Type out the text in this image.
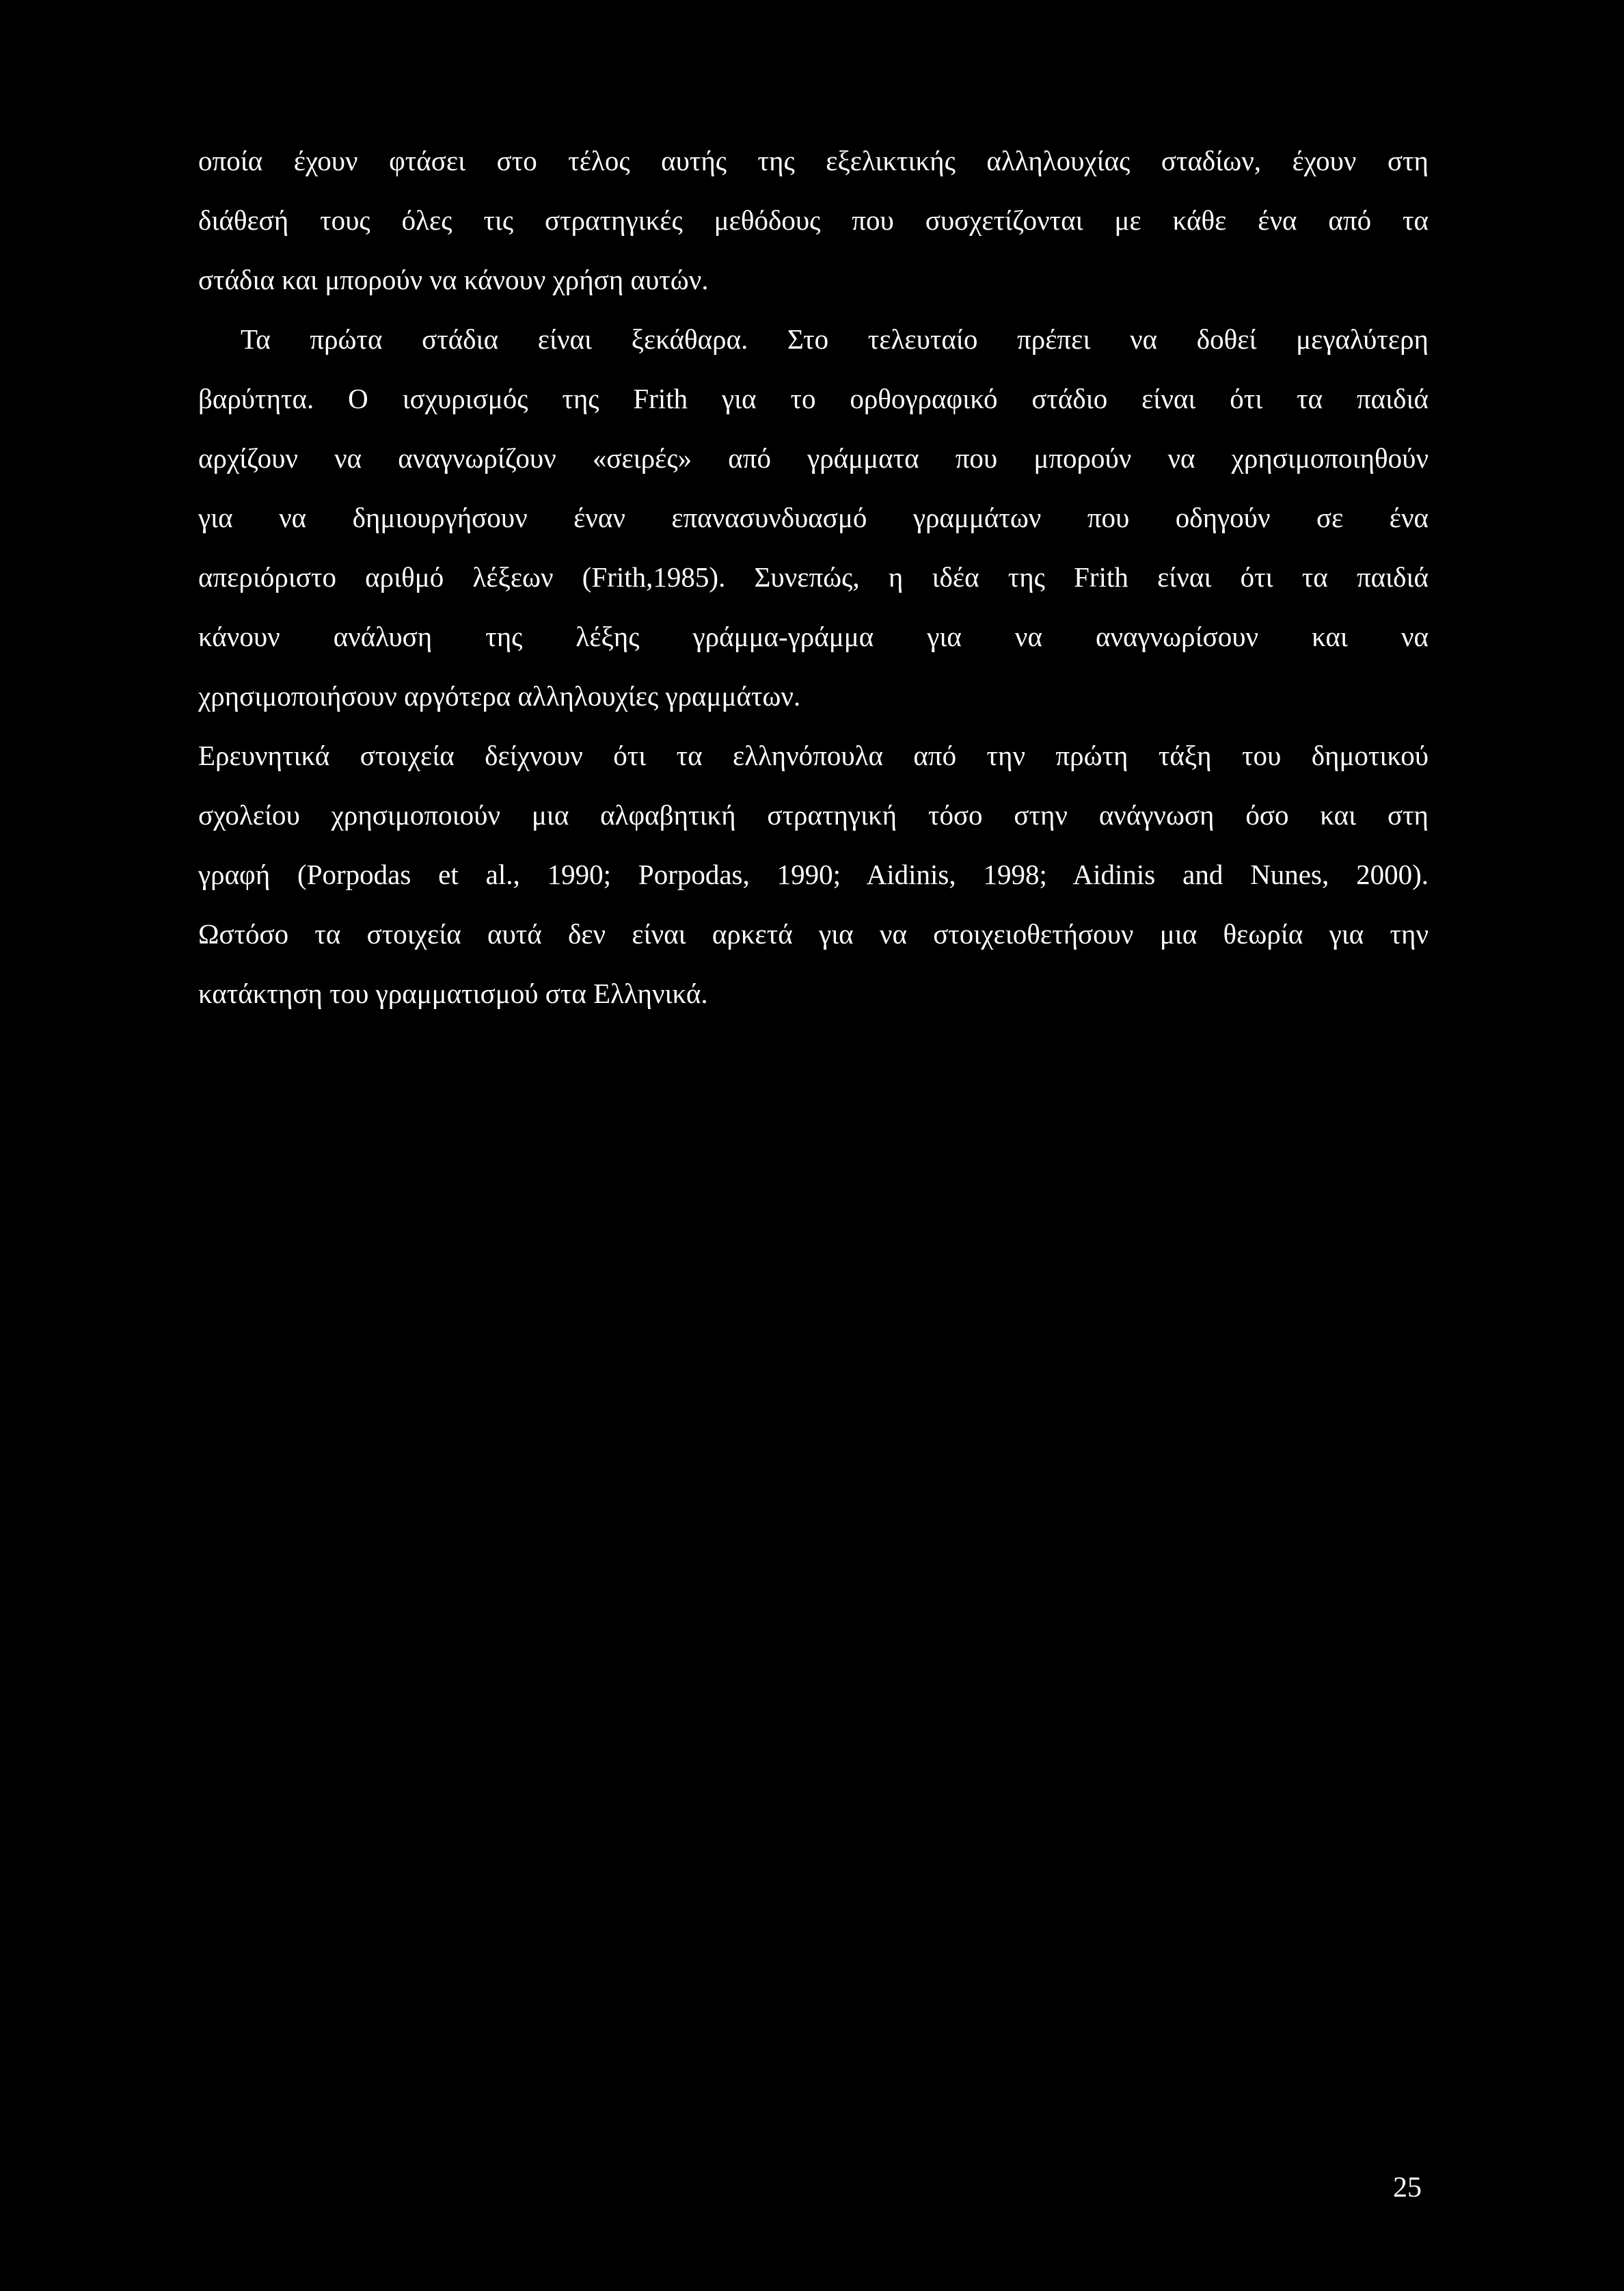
οποία έχουν φτάσει στο τέλος αυτής της εξελικτικής αλληλουχίας σταδίων, έχουν στη
διάθεσή τους όλες τις στρατηγικές μεθόδους που συσχετίζονται με κάθε ένα από τα
στάδια και μπορούν να κάνουν χρήση αυτών.
Τα πρώτα στάδια είναι ξεκάθαρα. Στο τελευταίο πρέπει να δοθεί μεγαλύτερη
βαρύτητα. Ο ισχυρισμός της Frith για το ορθογραφικό στάδιο είναι ότι τα παιδιά
αρχίζουν να αναγνωρίζουν «σειρές» από γράμματα που μπορούν να χρησιμοποιηθούν
για να δημιουργήσουν έναν επανασυνδυασμό γραμμάτων που οδηγούν σε ένα
απεριόριστο αριθμό λέξεων (Frith,1985). Συνεπώς, η ιδέα της Frith είναι ότι τα παιδιά
κάνουν ανάλυση της λέξης γράμμα-γράμμα για να αναγνωρίσουν και να
χρησιμοποιήσουν αργότερα αλληλουχίες γραμμάτων.
Ερευνητικά στοιχεία δείχνουν ότι τα ελληνόπουλα από την πρώτη τάξη του δημοτικού
σχολείου χρησιμοποιούν μια αλφαβητική στρατηγική τόσο στην ανάγνωση όσο και στη
γραφή (Porpodas et al., 1990; Porpodas, 1990; Aidinis, 1998; Aidinis and Nunes, 2000).
Ωστόσο τα στοιχεία αυτά δεν είναι αρκετά για να στοιχειοθετήσουν μια θεωρία για την
κατάκτηση του γραμματισμού στα Ελληνικά.
25
